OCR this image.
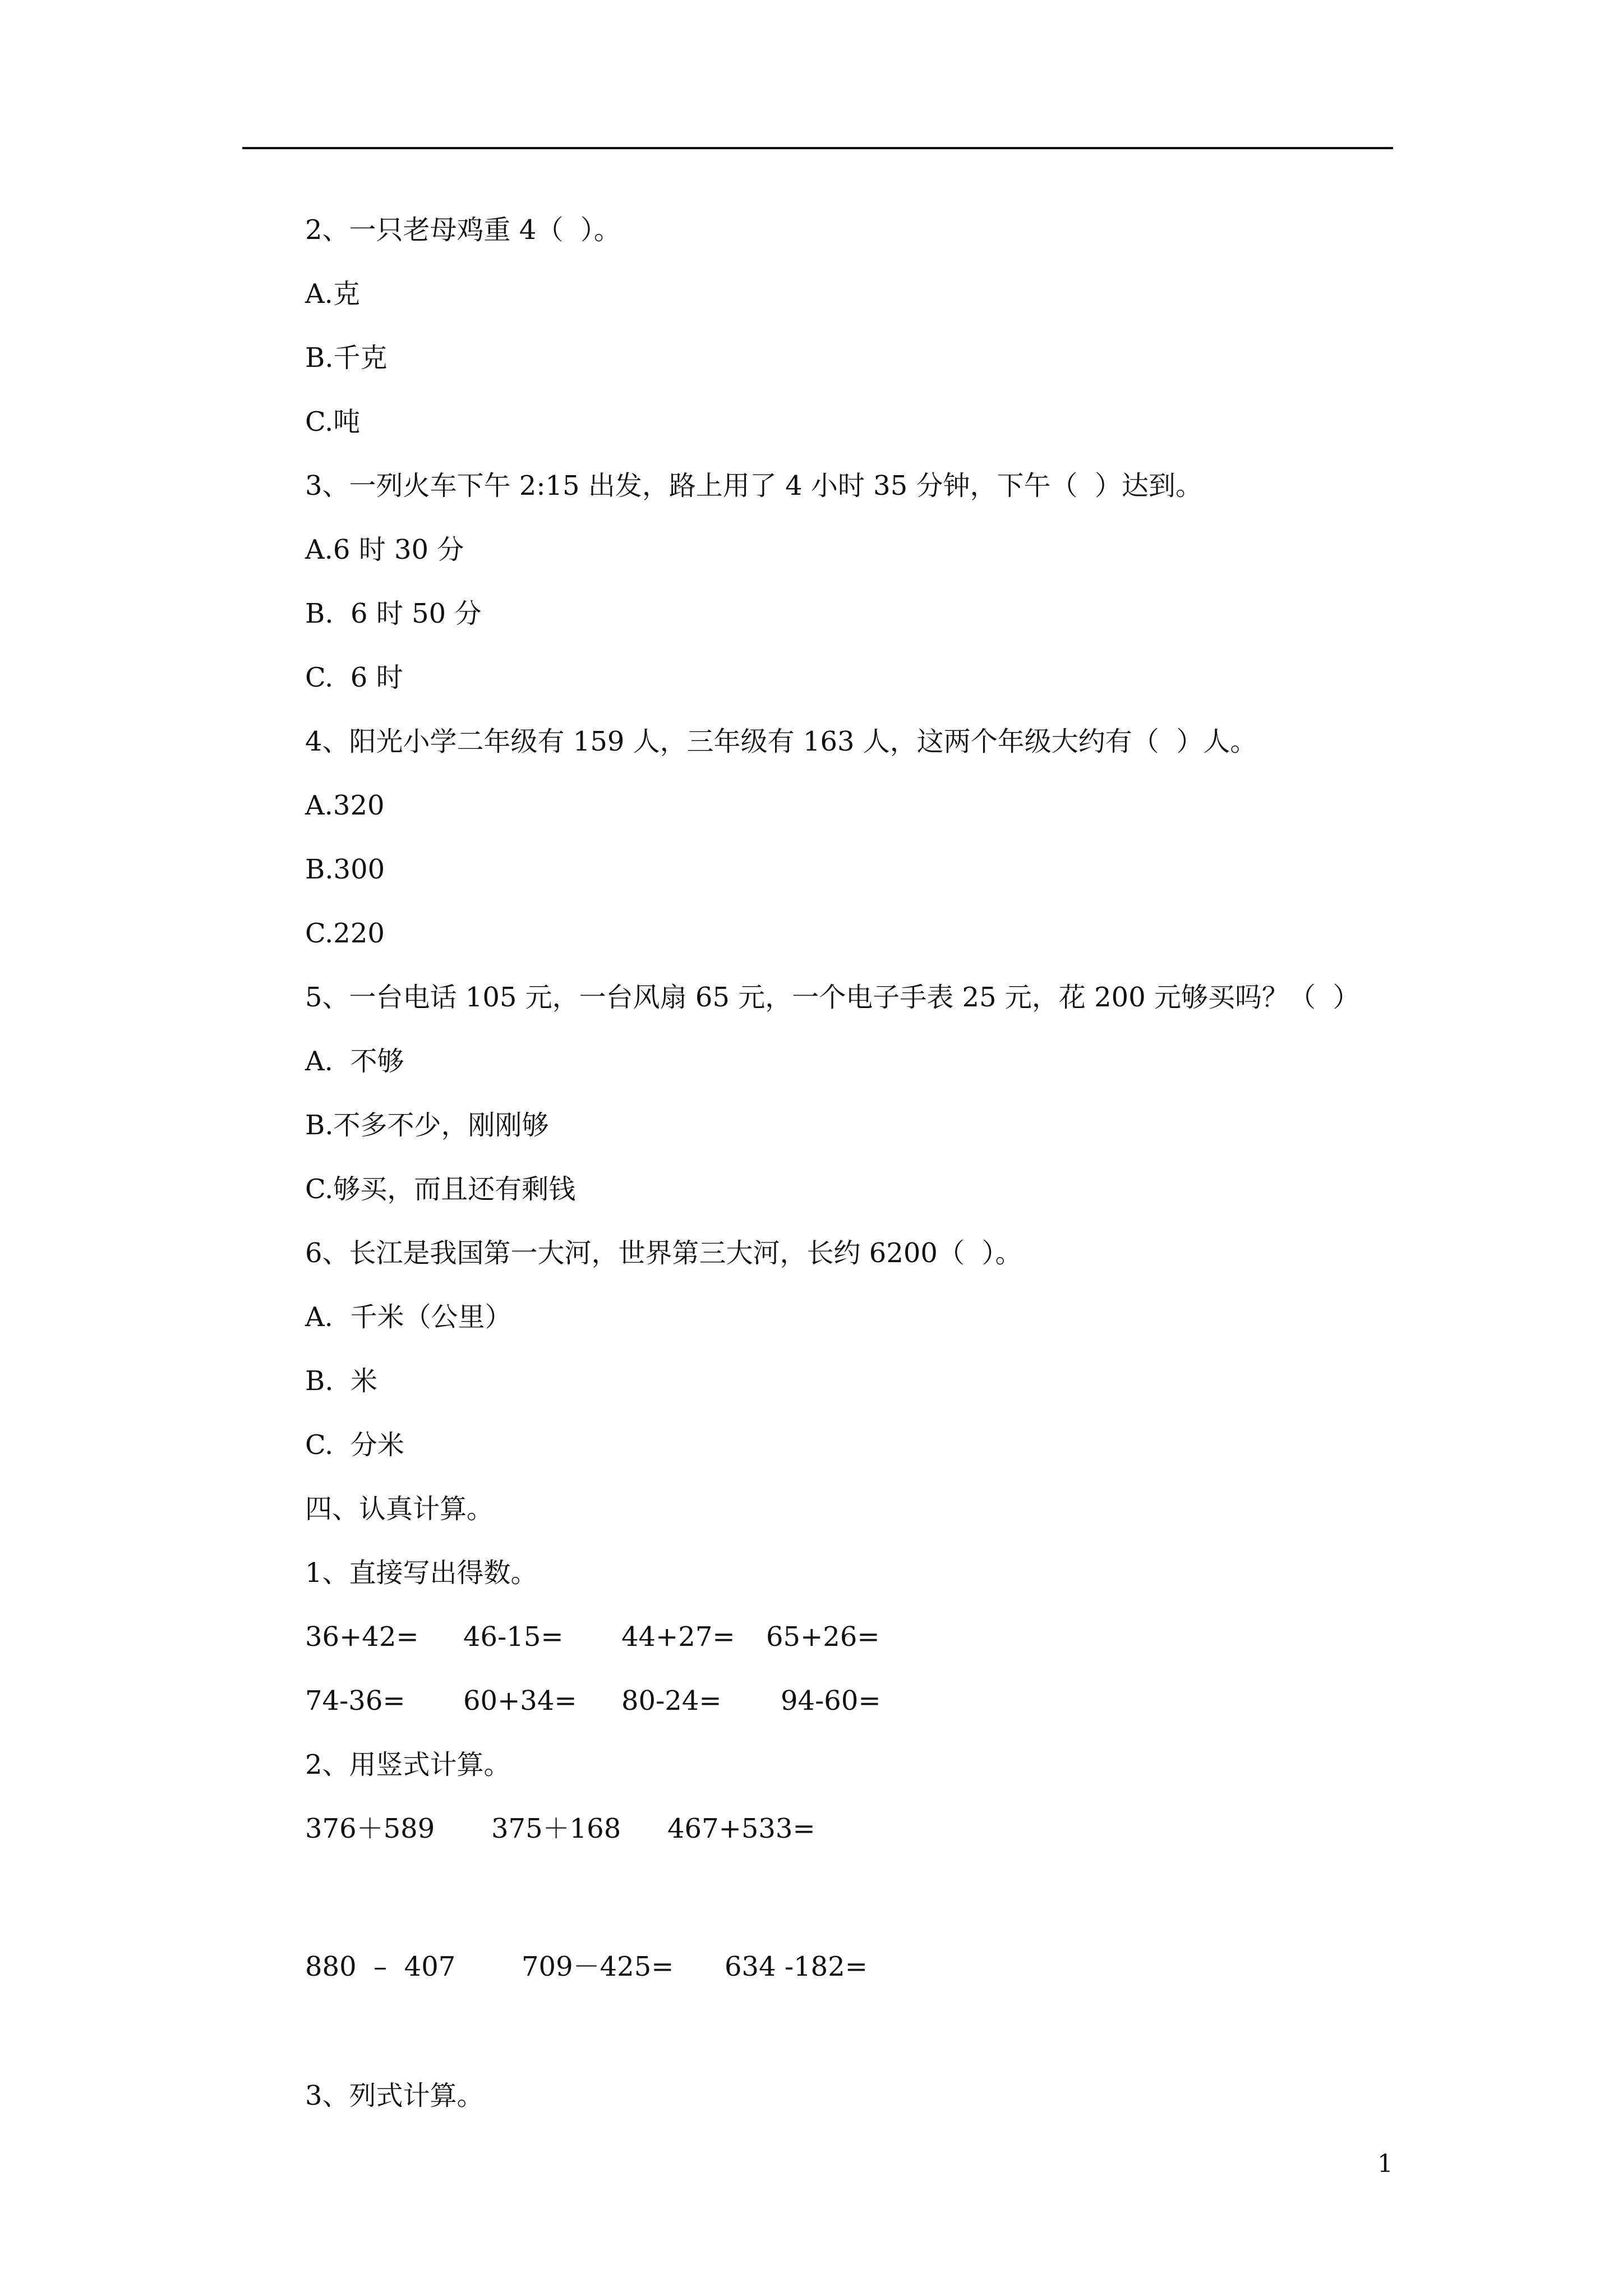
2、一只老母鸡重 4（  ）。
A.克
B.千克
C.吨
3、一列火车下午 2:15 出发，路上用了 4 小时 35 分钟，下午（  ）达到。
A.6 时 30 分
B.  6 时 50 分
C.  6 时
4、阳光小学二年级有 159 人，三年级有 163 人，这两个年级大约有（  ）人。
A.320
B.300
C.220
5、一台电话 105 元，一台风扇 65 元，一个电子手表 25 元，花 200 元够买吗？（  ）
A.  不够
B.不多不少，刚刚够
C.够买，而且还有剩钱
6、长江是我国第一大河，世界第三大河，长约 6200（  ）。
A.  千米（公里）
B.  米
C.  分米
四、认真计算。
1、直接写出得数。
36+42= 46-15= 44+27= 65+26=
74-36= 60+34= 80-24= 94-60=
2、用竖式计算。
376＋589 375＋168 467+533=
880  –  407 709－425= 634 -182=
3、列式计算。
1
